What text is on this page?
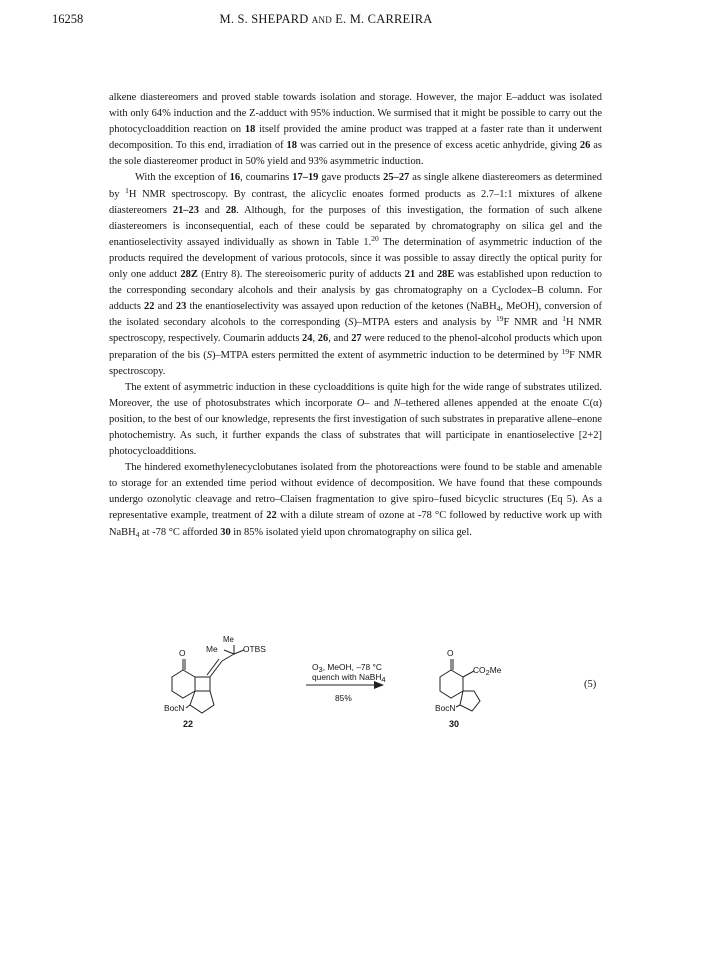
16258	M. S. SHEPARD and E. M. CARREIRA

alkene diastereomers and proved stable towards isolation and storage. However, the major E–adduct was isolated with only 64% induction and the Z-adduct with 95% induction. We surmised that it might be possible to carry out the photocycloaddition reaction on 18 itself provided the amine product was trapped at a faster rate than it underwent decomposition. To this end, irradiation of 18 was carried out in the presence of excess acetic anhydride, giving 26 as the sole diastereomer product in 50% yield and 93% asymmetric induction.

With the exception of 16, coumarins 17–19 gave products 25–27 as single alkene diastereomers as determined by $^1$H NMR spectroscopy. By contrast, the alicyclic enoates formed products as 2.7–1:1 mixtures of alkene diastereomers 21–23 and 28. Although, for the purposes of this investigation, the formation of such alkene diastereomers is inconsequential, each of these could be separated by chromatography on silica gel and the enantioselectivity assayed individually as shown in Table 1.20 The determination of asymmetric induction of the products required the development of various protocols, since it was possible to assay directly the optical purity for only one adduct 28Z (Entry 8). The stereoisomeric purity of adducts 21 and 28E was established upon reduction to the corresponding secondary alcohols and their analysis by gas chromatography on a Cyclodex–B column. For adducts 22 and 23 the enantioselectivity was assayed upon reduction of the ketones (NaBH$_4$, MeOH), conversion of the isolated secondary alcohols to the corresponding (S)–MTPA esters and analysis by $^{19}$F NMR and $^1$H NMR spectroscopy, respectively. Coumarin adducts 24, 26, and 27 were reduced to the phenol-alcohol products which upon preparation of the bis (S)–MTPA esters permitted the extent of asymmetric induction to be determined by $^{19}$F NMR spectroscopy.

The extent of asymmetric induction in these cycloadditions is quite high for the wide range of substrates utilized. Moreover, the use of photosubstrates which incorporate O– and N–tethered allenes appended at the enoate C(α) position, to the best of our knowledge, represents the first investigation of such substrates in preparative allene–enone photochemistry. As such, it further expands the class of substrates that will participate in enantioselective [2+2] photocycloadditions.

The hindered exomethylenecyclobutanes isolated from the photoreactions were found to be stable and amenable to storage for an extended time period without evidence of decomposition. We have found that these compounds undergo ozonolytic cleavage and retro–Claisen fragmentation to give spiro–fused bicyclic structures (Eq 5). As a representative example, treatment of 22 with a dilute stream of ozone at -78 °C followed by reductive work up with NaBH$_4$ at -78 °C afforded 30 in 85% isolated yield upon chromatography on silica gel.

Me
Me
OTBS
O
BocN
22
$O_3$, MeOH, –78 °C
quench with NaBH$_4$
85%
O
$CO_2Me$
BocN
30
(5)
